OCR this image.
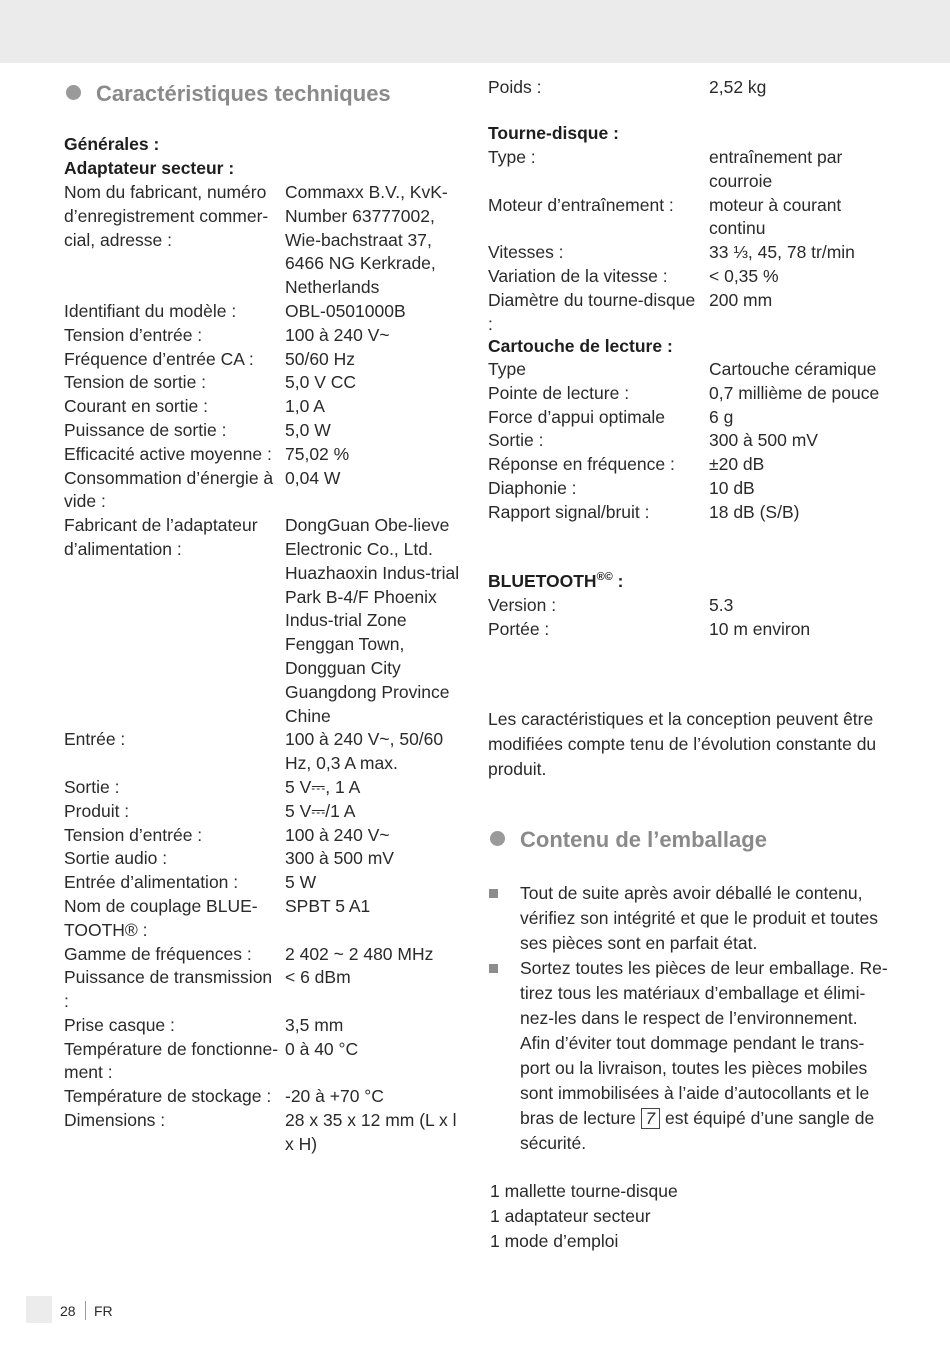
Caractéristiques techniques
Générales :
Adaptateur secteur :
Nom du fabricant, numéro d’enregistrement commer-cial, adresse :	Commaxx B.V., KvK-Number 63777002, Wie-bachstraat 37, 6466 NG Kerkrade, Netherlands
Identifiant du modèle :	OBL-0501000B
Tension d’entrée :	100 à 240 V~
Fréquence d’entrée CA :	50/60 Hz
Tension de sortie :	5,0 V CC
Courant en sortie :	1,0 A
Puissance de sortie :	5,0 W
Efficacité active moyenne :	75,02 %
Consommation d’énergie à vide :	0,04 W
Fabricant de l’adaptateur d’alimentation :	DongGuan Obe-lieve Electronic Co., Ltd. Huazhaoxin Indus-trial Park B-4/F Phoenix Indus-trial Zone Fenggan Town, Dongguan City Guangdong Province Chine
Entrée :	100 à 240 V~, 50/60 Hz, 0,3 A max.
Sortie :	5 V⎓, 1 A
Produit :	5 V⎓/1 A
Tension d’entrée :	100 à 240 V~
Sortie audio :	300 à 500 mV
Entrée d’alimentation :	5 W
Nom de couplage BLUE-TOOTH® :	SPBT 5 A1
Gamme de fréquences :	2 402 ~ 2 480 MHz
Puissance de transmission :	< 6 dBm
Prise casque :	3,5 mm
Température de fonctionne-ment :	0 à 40 °C
Température de stockage :	-20 à +70 °C
Dimensions :	28 x 35 x 12 mm (L x l x H)
Poids :	2,52 kg
Tourne-disque :
Type :	entraînement par courroie
Moteur d’entraînement :	moteur à courant continu
Vitesses :	33 ⅓, 45, 78 tr/min
Variation de la vitesse :	< 0,35 %
Diamètre du tourne-disque :	200 mm
Cartouche de lecture :
Type	Cartouche céramique
Pointe de lecture :	0,7 millième de pouce
Force d’appui optimale	6 g
Sortie :	300 à 500 mV
Réponse en fréquence :	±20 dB
Diaphonie :	10 dB
Rapport signal/bruit :	18 dB (S/B)
BLUETOOTH®© :
Version :	5.3
Portée :	10 m environ

Les caractéristiques et la conception peuvent être modifiées compte tenu de l’évolution constante du produit.

Contenu de l’emballage
Tout de suite après avoir déballé le contenu, vérifiez son intégrité et que le produit et toutes ses pièces sont en parfait état.
Sortez toutes les pièces de leur emballage. Re-tirez tous les matériaux d’emballage et élimi-nez-les dans le respect de l’environnement. Afin d’éviter tout dommage pendant le trans-port ou la livraison, toutes les pièces mobiles sont immobilisées à l’aide d’autocollants et le bras de lecture 7 est équipé d’une sangle de sécurité.
1 mallette tourne-disque
1 adaptateur secteur
1 mode d’emploi
28 FR
